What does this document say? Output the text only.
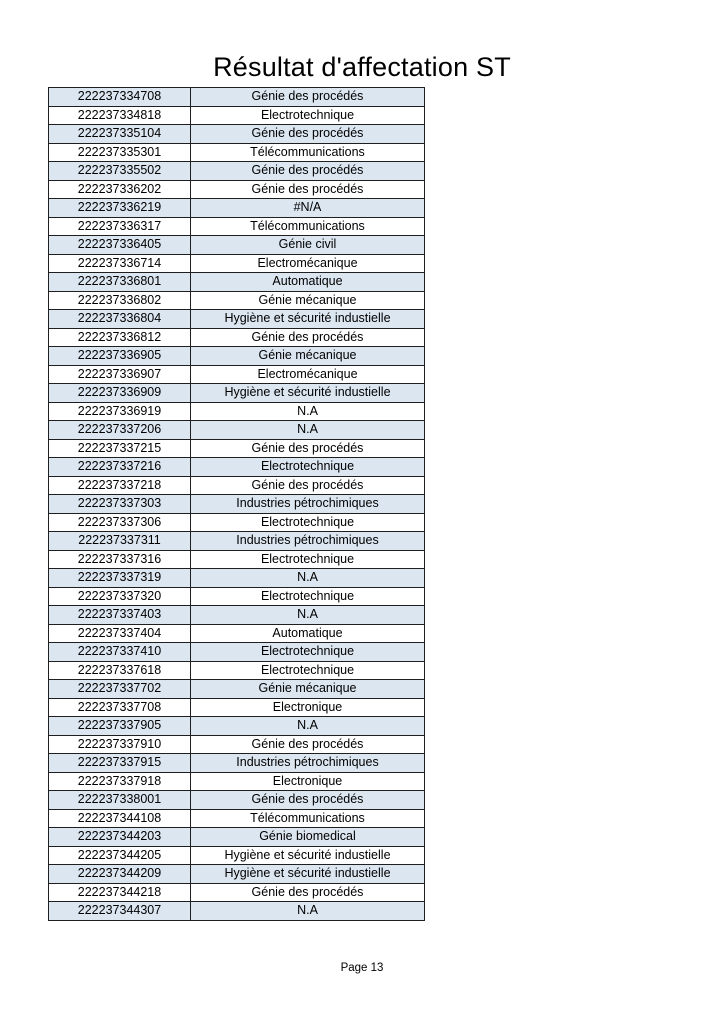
Résultat d'affectation ST
222237334708	Génie des procédés
222237334818	Electrotechnique
222237335104	Génie des procédés
222237335301	Télécommunications
222237335502	Génie des procédés
222237336202	Génie des procédés
222237336219	#N/A
222237336317	Télécommunications
222237336405	Génie civil
222237336714	Electromécanique
222237336801	Automatique
222237336802	Génie mécanique
222237336804	Hygiène et sécurité industielle
222237336812	Génie des procédés
222237336905	Génie mécanique
222237336907	Electromécanique
222237336909	Hygiène et sécurité industielle
222237336919	N.A
222237337206	N.A
222237337215	Génie des procédés
222237337216	Electrotechnique
222237337218	Génie des procédés
222237337303	Industries pétrochimiques
222237337306	Electrotechnique
222237337311	Industries pétrochimiques
222237337316	Electrotechnique
222237337319	N.A
222237337320	Electrotechnique
222237337403	N.A
222237337404	Automatique
222237337410	Electrotechnique
222237337618	Electrotechnique
222237337702	Génie mécanique
222237337708	Electronique
222237337905	N.A
222237337910	Génie des procédés
222237337915	Industries pétrochimiques
222237337918	Electronique
222237338001	Génie des procédés
222237344108	Télécommunications
222237344203	Génie biomedical
222237344205	Hygiène et sécurité industielle
222237344209	Hygiène et sécurité industielle
222237344218	Génie des procédés
222237344307	N.A
Page 13
